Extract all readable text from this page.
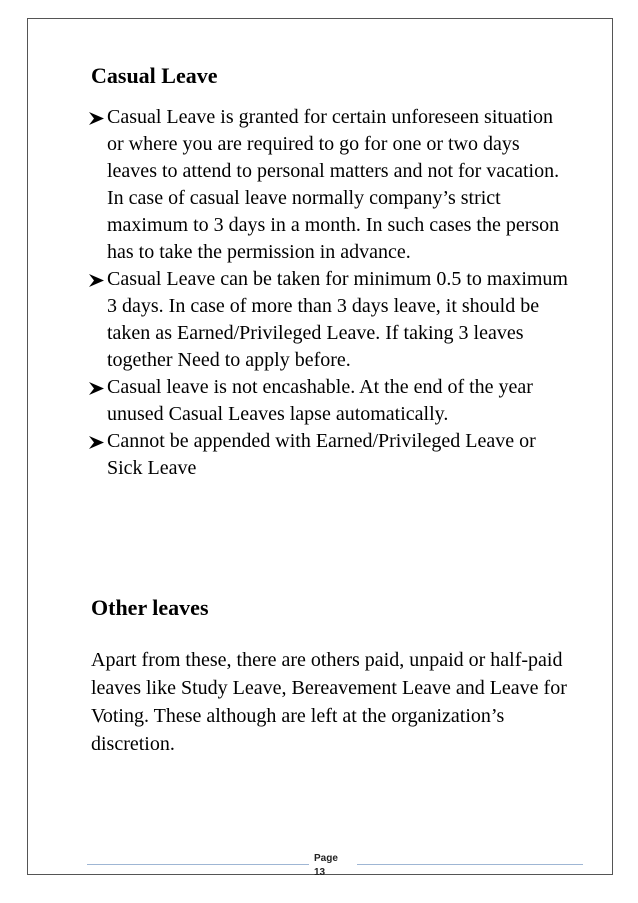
Casual Leave
Casual Leave is granted for certain unforeseen situation or where you are required to go for one or two days leaves to attend to personal matters and not for vacation. In case of casual leave normally company’s strict maximum to 3 days in a month. In such cases the person has to take the permission in advance.
Casual Leave can be taken for minimum 0.5 to maximum 3 days. In case of more than 3 days leave, it should be taken as Earned/Privileged Leave. If taking 3 leaves together Need to apply before.
Casual leave is not encashable. At the end of the year unused Casual Leaves lapse automatically.
Cannot be appended with Earned/Privileged Leave or Sick Leave
Other leaves

Apart from these, there are others paid, unpaid or half-paid leaves like Study Leave, Bereavement Leave and Leave for Voting. These although are left at the organization’s discretion.

Page
13
